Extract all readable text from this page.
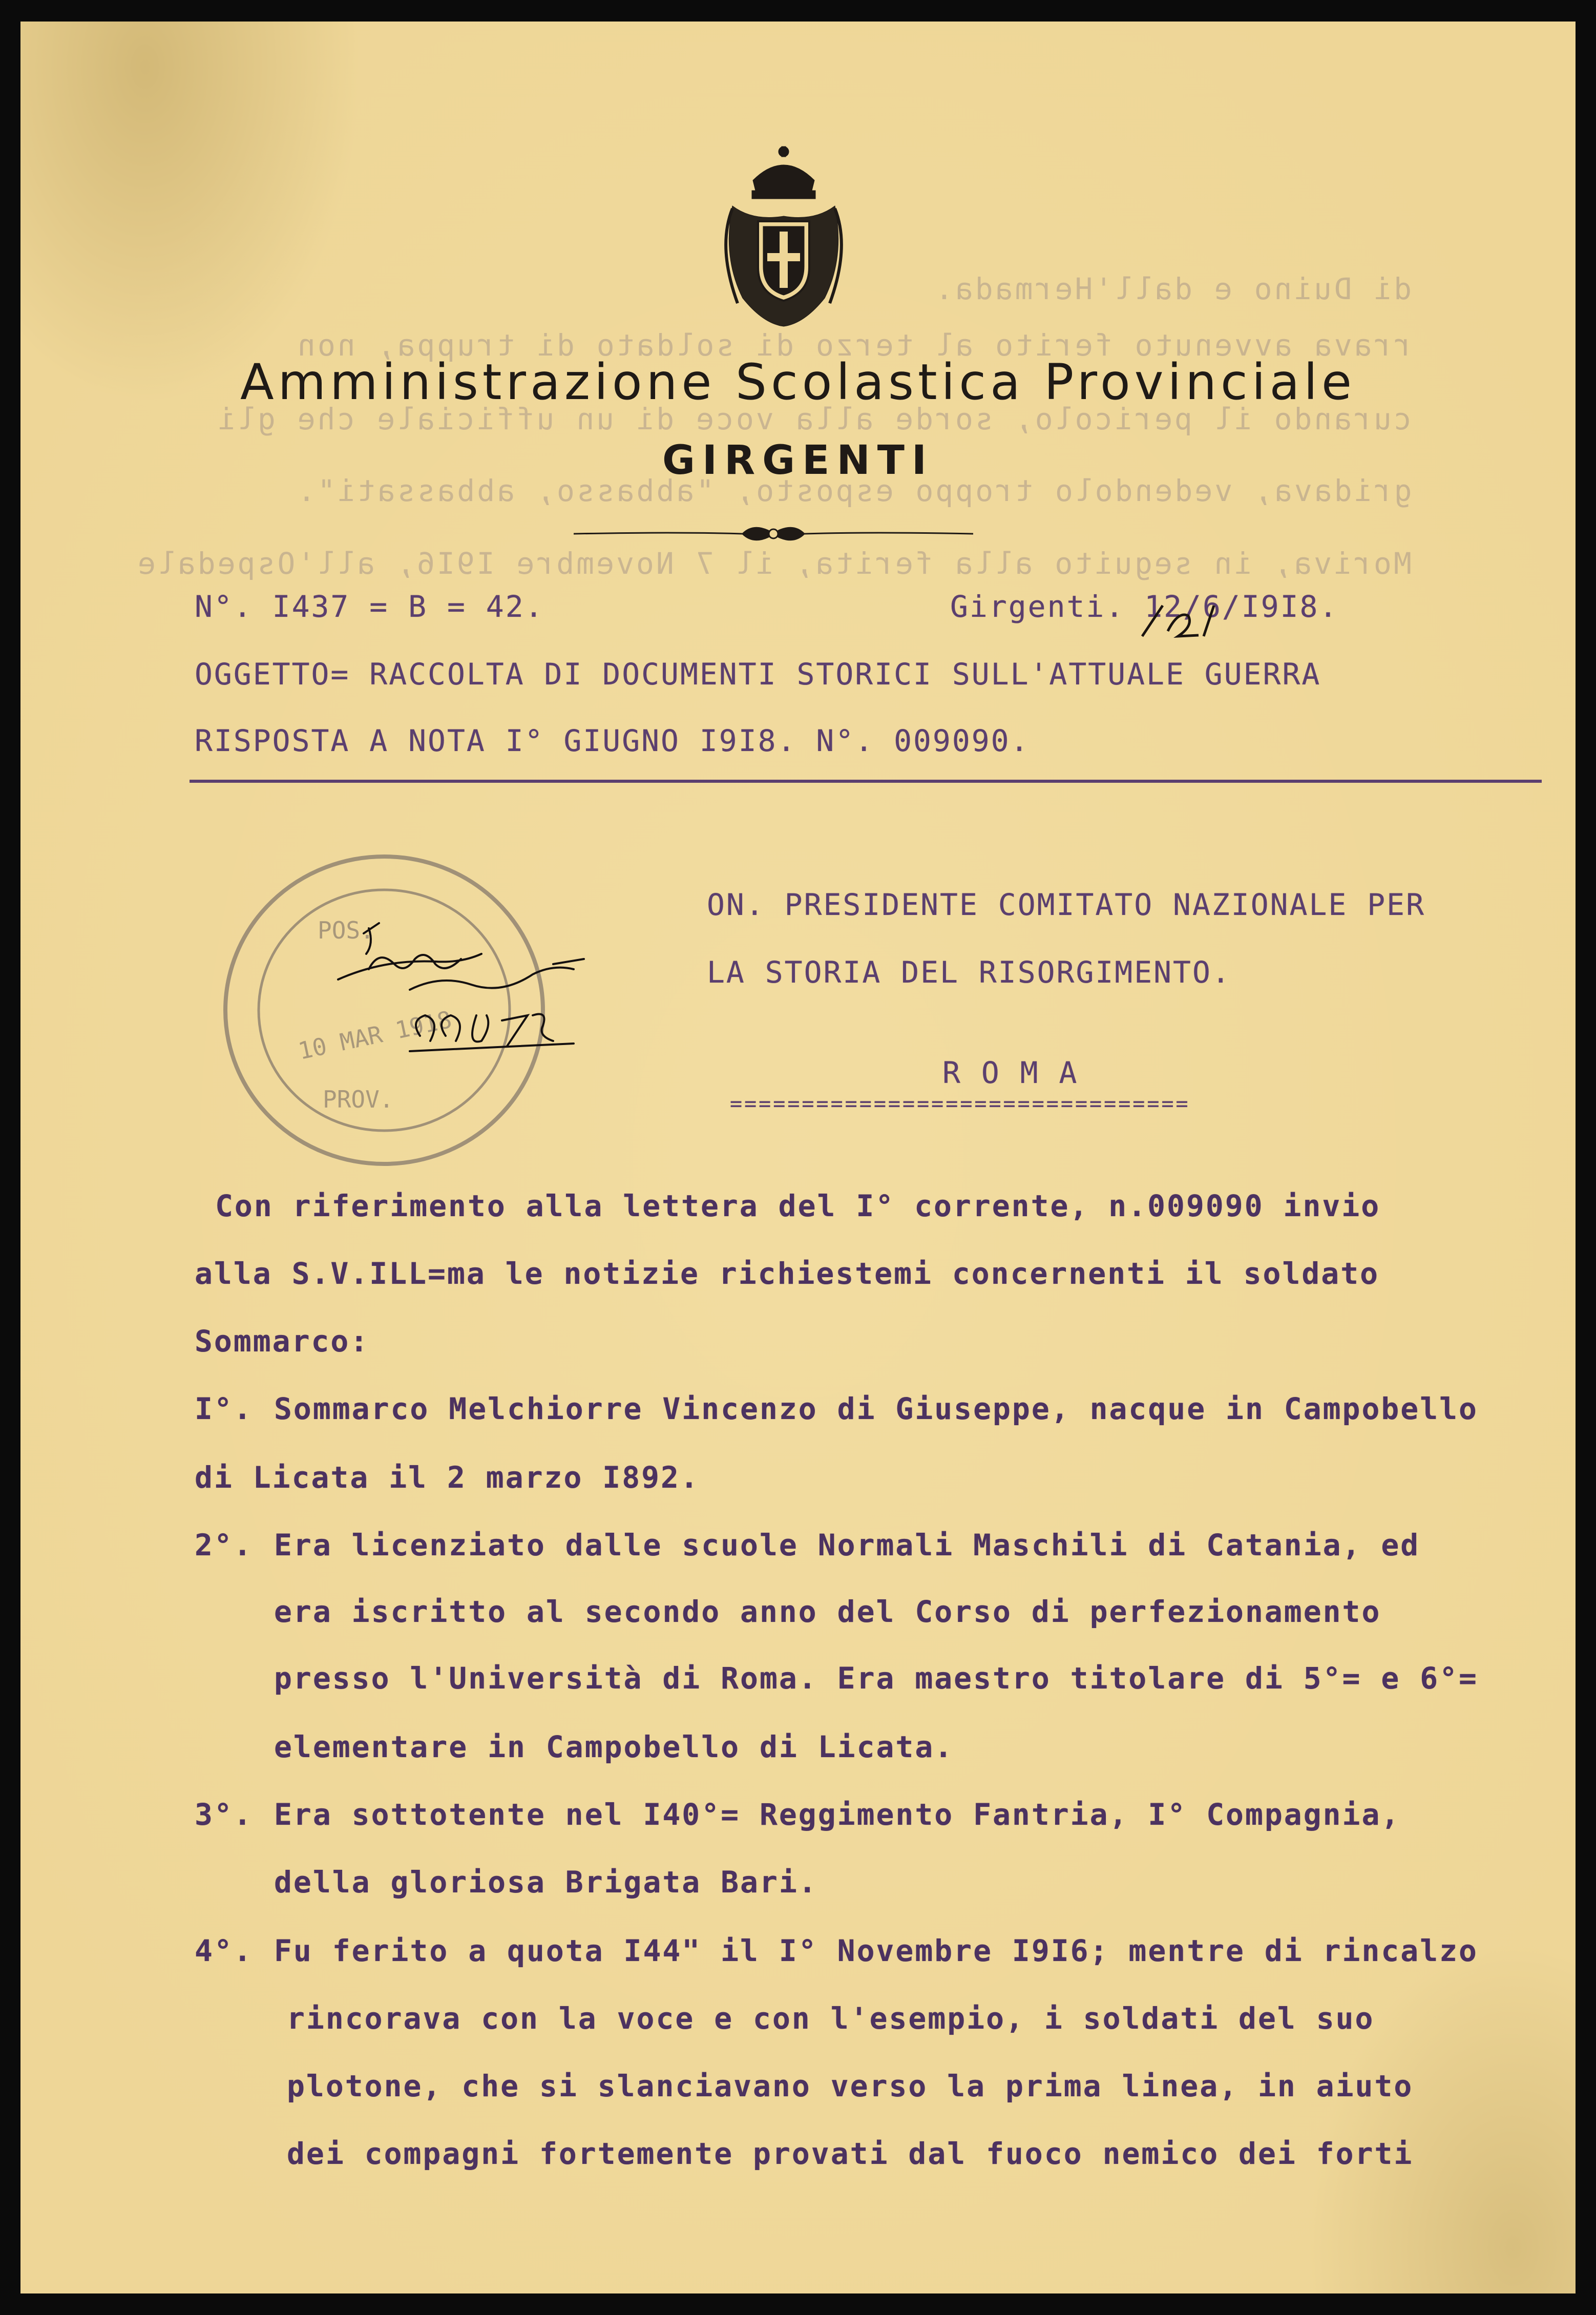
di Duino e dall'Hermada.
rrava avvenuto ferito al terzo di soldato di truppa, non
curando il pericolo, sorde alla voce di un ufficiale che gli
gridava, vedendolo troppo esposto, "abbasso, abbassati".
Moriva, in seguito alla ferita, il 7 Novembre I9I6, all'Ospedale
Amministrazione Scolastica Provinciale
GIRGENTI
N°. I437 = B = 42.	Girgenti. 12/6/I9I8.
OGGETTO= RACCOLTA DI DOCUMENTI STORICI SULL'ATTUALE GUERRA
RISPOSTA A NOTA I° GIUGNO I9I8. N°. 009090.
POS.
10 MAR 1918
PROV.
ON. PRESIDENTE COMITATO NAZIONALE PER
LA STORIA DEL RISORGIMENTO.
R O M A
================================
Con riferimento alla lettera del I° corrente, n.009090 invio
alla S.V.ILL=ma le notizie richiestemi concernenti il soldato
Sommarco:
I°. Sommarco Melchiorre Vincenzo di Giuseppe, nacque in Campobello
di Licata il 2 marzo I892.
2°. Era licenziato dalle scuole Normali Maschili di Catania, ed
era iscritto al secondo anno del Corso di perfezionamento
presso l'Università di Roma. Era maestro titolare di 5°= e 6°=
elementare in Campobello di Licata.
3°. Era sottotente nel I40°= Reggimento Fantria, I° Compagnia,
della gloriosa Brigata Bari.
4°. Fu ferito a quota I44" il I° Novembre I9I6; mentre di rincalzo
rincorava con la voce e con l'esempio, i soldati del suo
plotone, che si slanciavano verso la prima linea, in aiuto
dei compagni fortemente provati dal fuoco nemico dei forti
